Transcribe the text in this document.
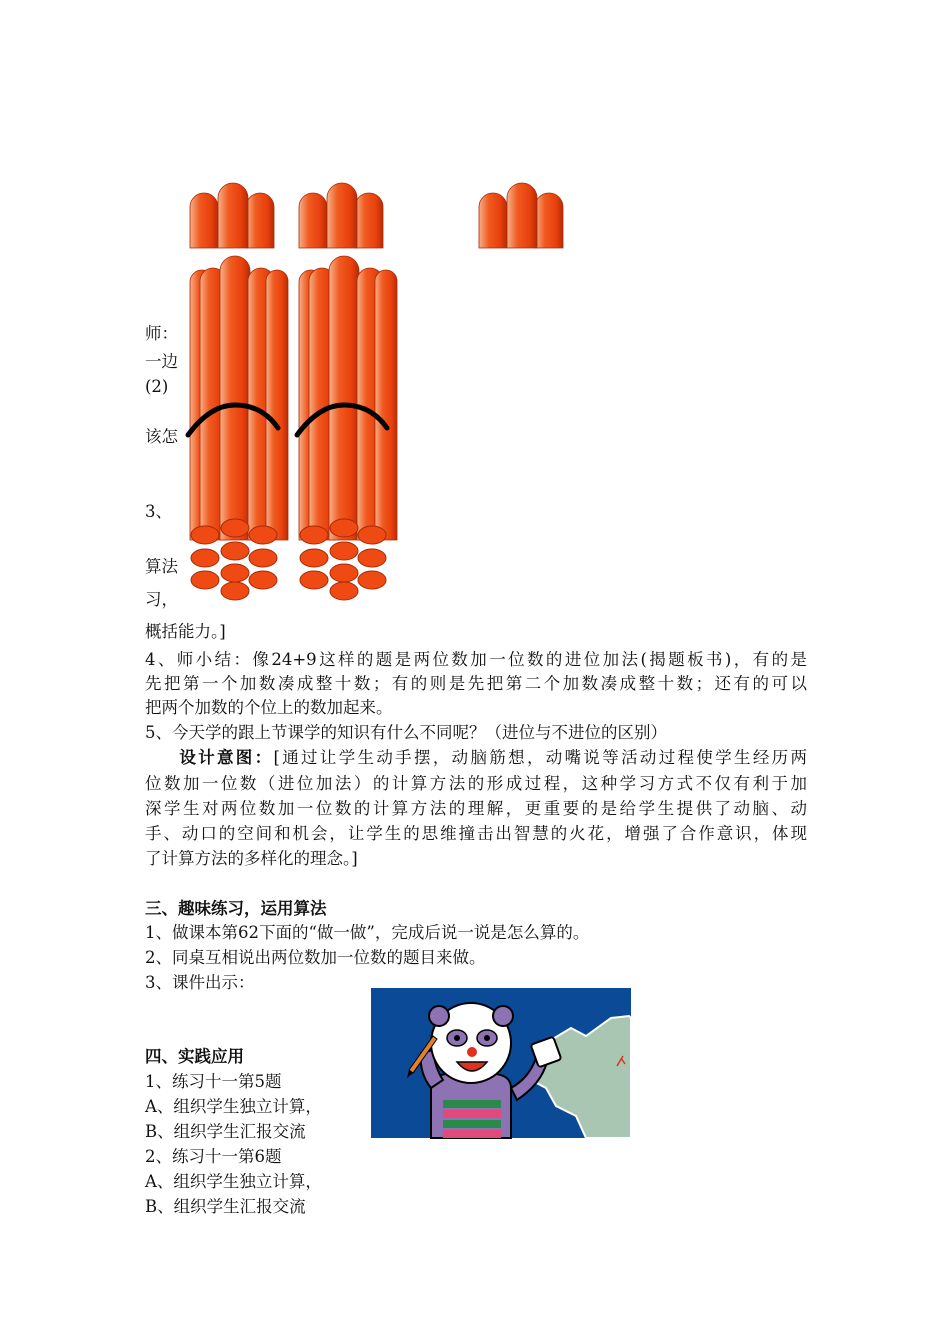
师：
一边
(2)
该怎
3、
算法
习，
概括能力。]
4、师小结：像24+9这样的题是两位数加一位数的进位加法(揭题板书)，有的是
先把第一个加数凑成整十数；有的则是先把第二个加数凑成整十数；还有的可以
把两个加数的个位上的数加起来。
5、今天学的跟上节课学的知识有什么不同呢？（进位与不进位的区别）
设计意图：[通过让学生动手摆，动脑筋想，动嘴说等活动过程使学生经历两
位数加一位数（进位加法）的计算方法的形成过程，这种学习方式不仅有利于加
深学生对两位数加一位数的计算方法的理解，更重要的是给学生提供了动脑、动
手、动口的空间和机会，让学生的思维撞击出智慧的火花，增强了合作意识，体现
了计算方法的多样化的理念。]
三、趣味练习，运用算法
1、做课本第62下面的“做一做”，完成后说一说是怎么算的。
2、同桌互相说出两位数加一位数的题目来做。
3、课件出示：
四、实践应用
1、练习十一第5题
A、组织学生独立计算，
B、组织学生汇报交流
2、练习十一第6题
A、组织学生独立计算，
B、组织学生汇报交流
